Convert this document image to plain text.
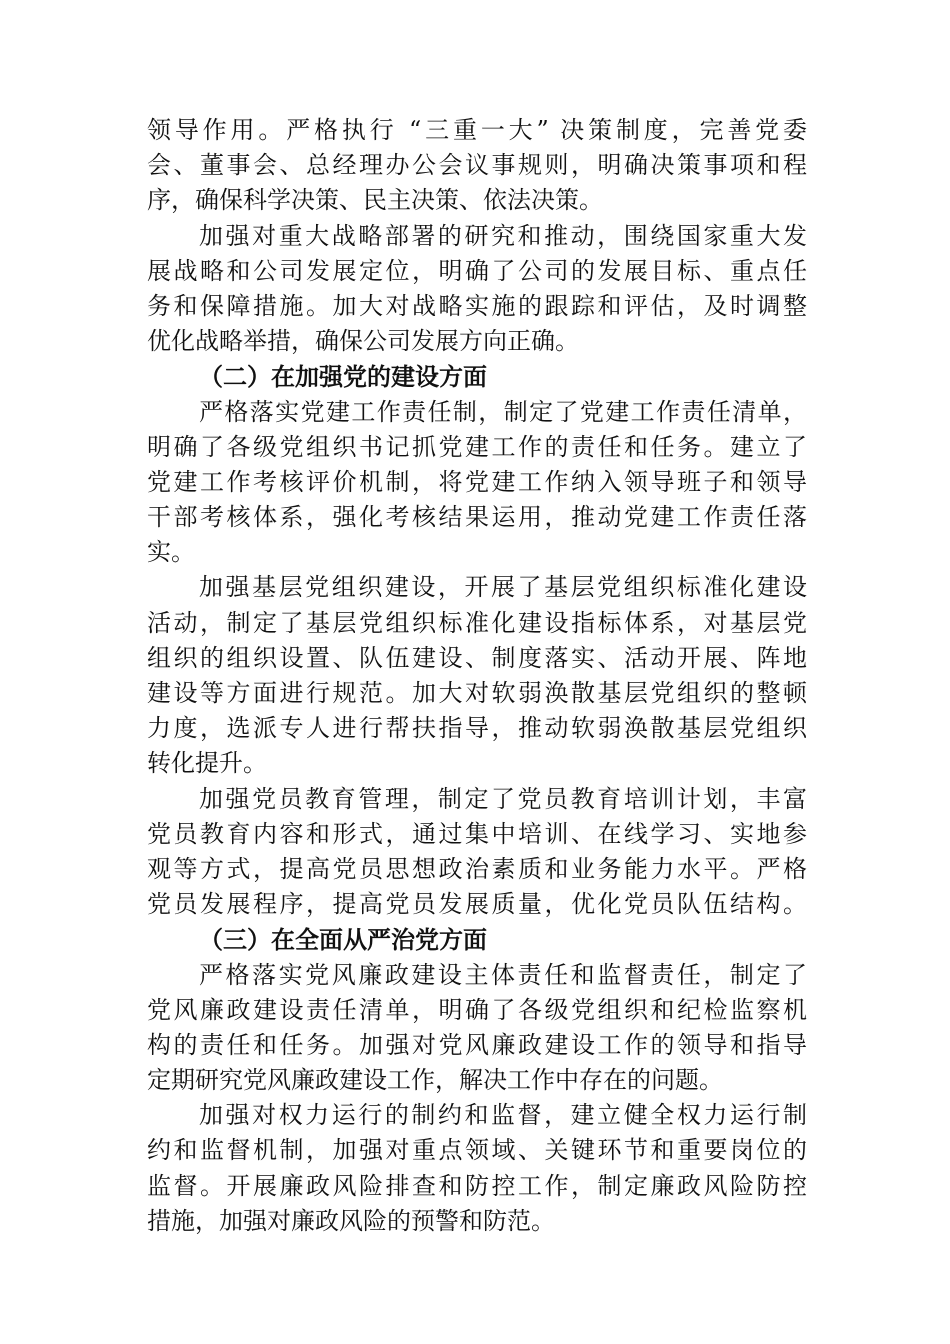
领导作用。严格执行 “三重一大” 决策制度，完善党委
会、董事会、总经理办公会议事规则，明确决策事项和程
序，确保科学决策、民主决策、依法决策。
加强对重大战略部署的研究和推动，围绕国家重大发
展战略和公司发展定位，明确了公司的发展目标、重点任
务和保障措施。加大对战略实施的跟踪和评估，及时调整
优化战略举措，确保公司发展方向正确。
（二）在加强党的建设方面
严格落实党建工作责任制，制定了党建工作责任清单，
明确了各级党组织书记抓党建工作的责任和任务。建立了
党建工作考核评价机制，将党建工作纳入领导班子和领导
干部考核体系，强化考核结果运用，推动党建工作责任落
实。
加强基层党组织建设，开展了基层党组织标准化建设
活动，制定了基层党组织标准化建设指标体系，对基层党
组织的组织设置、队伍建设、制度落实、活动开展、阵地
建设等方面进行规范。加大对软弱涣散基层党组织的整顿
力度，选派专人进行帮扶指导，推动软弱涣散基层党组织
转化提升。
加强党员教育管理，制定了党员教育培训计划，丰富
党员教育内容和形式，通过集中培训、在线学习、实地参
观等方式，提高党员思想政治素质和业务能力水平。严格
党员发展程序，提高党员发展质量，优化党员队伍结构。
（三）在全面从严治党方面
严格落实党风廉政建设主体责任和监督责任，制定了
党风廉政建设责任清单，明确了各级党组织和纪检监察机
构的责任和任务。加强对党风廉政建设工作的领导和指导
定期研究党风廉政建设工作，解决工作中存在的问题。
加强对权力运行的制约和监督，建立健全权力运行制
约和监督机制，加强对重点领域、关键环节和重要岗位的
监督。开展廉政风险排查和防控工作，制定廉政风险防控
措施，加强对廉政风险的预警和防范。
